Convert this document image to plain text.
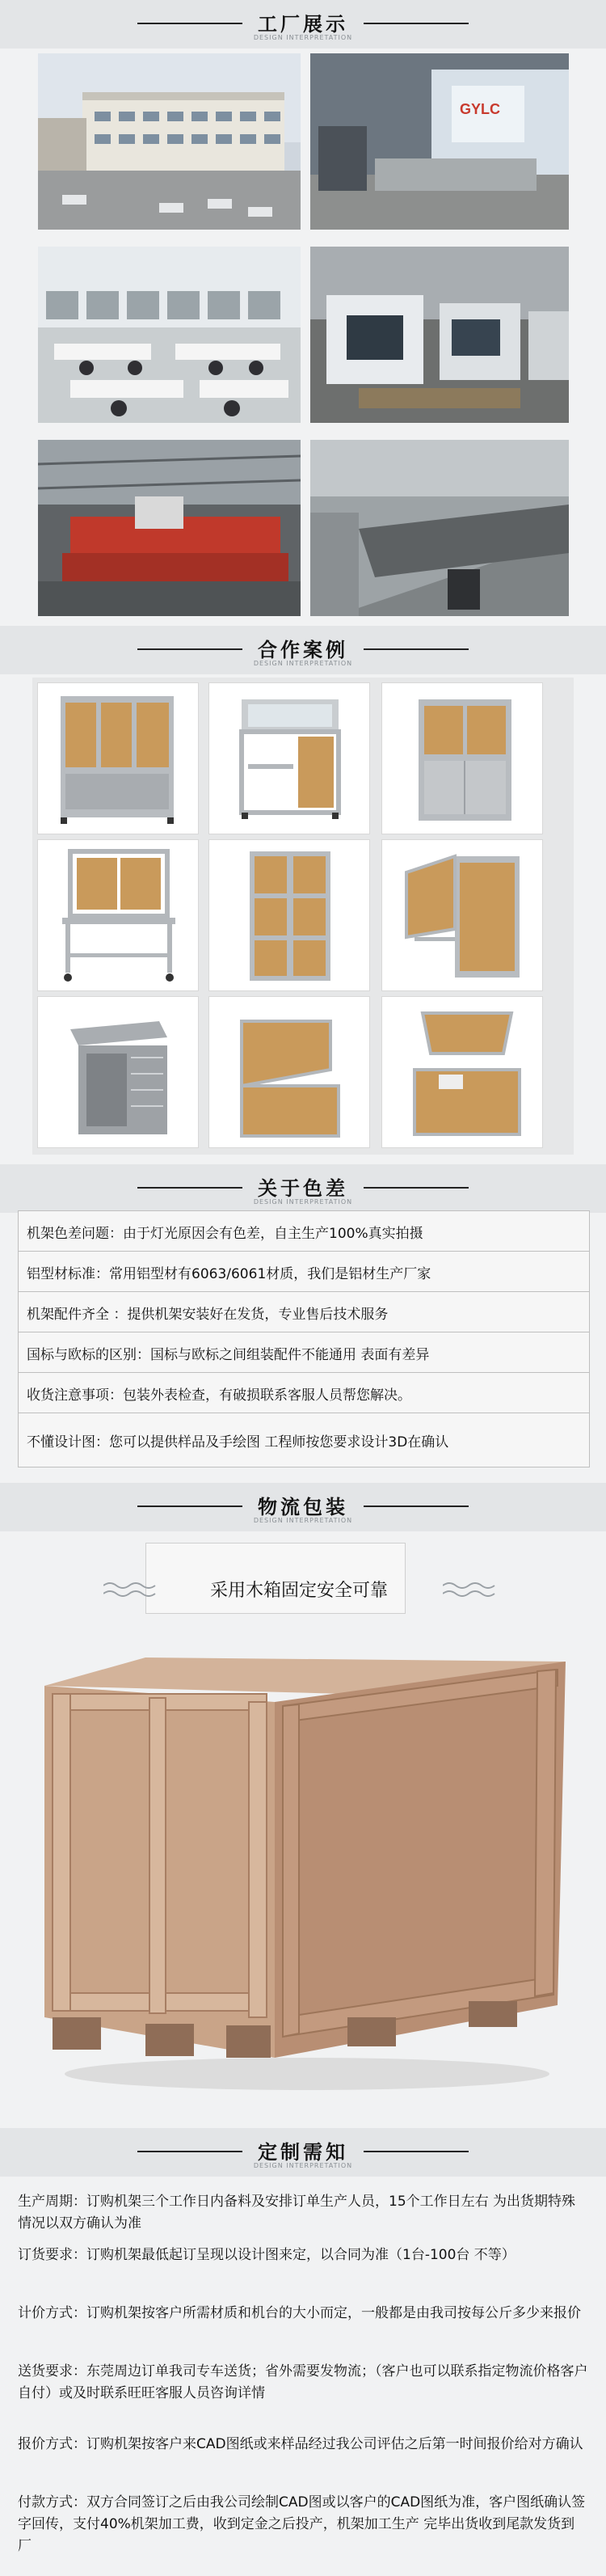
工厂展示
DESIGN INTERPRETATION
GYLC
合作案例
DESIGN INTERPRETATION
关于色差
DESIGN INTERPRETATION
机架色差问题：由于灯光原因会有色差，自主生产100%真实拍摄
铝型材标准：常用铝型材有6063/6061材质，我们是铝材生产厂家
机架配件齐全 ：提供机架安装好在发货，专业售后技术服务
国标与欧标的区别：国标与欧标之间组装配件不能通用 表面有差异
收货注意事项：包装外表检查，有破损联系客服人员帮您解决。
不懂设计图：您可以提供样品及手绘图 工程师按您要求设计3D在确认
物流包装
DESIGN INTERPRETATION
采用木箱固定安全可靠
定制需知
DESIGN INTERPRETATION
生产周期：订购机架三个工作日内备料及安排订单生产人员，15个工作日左右 为出货期特殊情况以双方确认为准
订货要求：订购机架最低起订呈现以设计图来定，以合同为准（1台-100台 不等）
计价方式：订购机架按客户所需材质和机台的大小而定，一般都是由我司按每公斤多少来报价
送货要求：东莞周边订单我司专车送货；省外需要发物流；（客户也可以联系指定物流价格客户自付）或及时联系旺旺客服人员咨询详情
报价方式：订购机架按客户来CAD图纸或来样品经过我公司评估之后第一时间报价给对方确认
付款方式：双方合同签订之后由我公司绘制CAD图或以客户的CAD图纸为准，客户图纸确认签字回传，支付40%机架加工费，收到定金之后投产，机架加工生产 完毕出货收到尾款发货到厂
